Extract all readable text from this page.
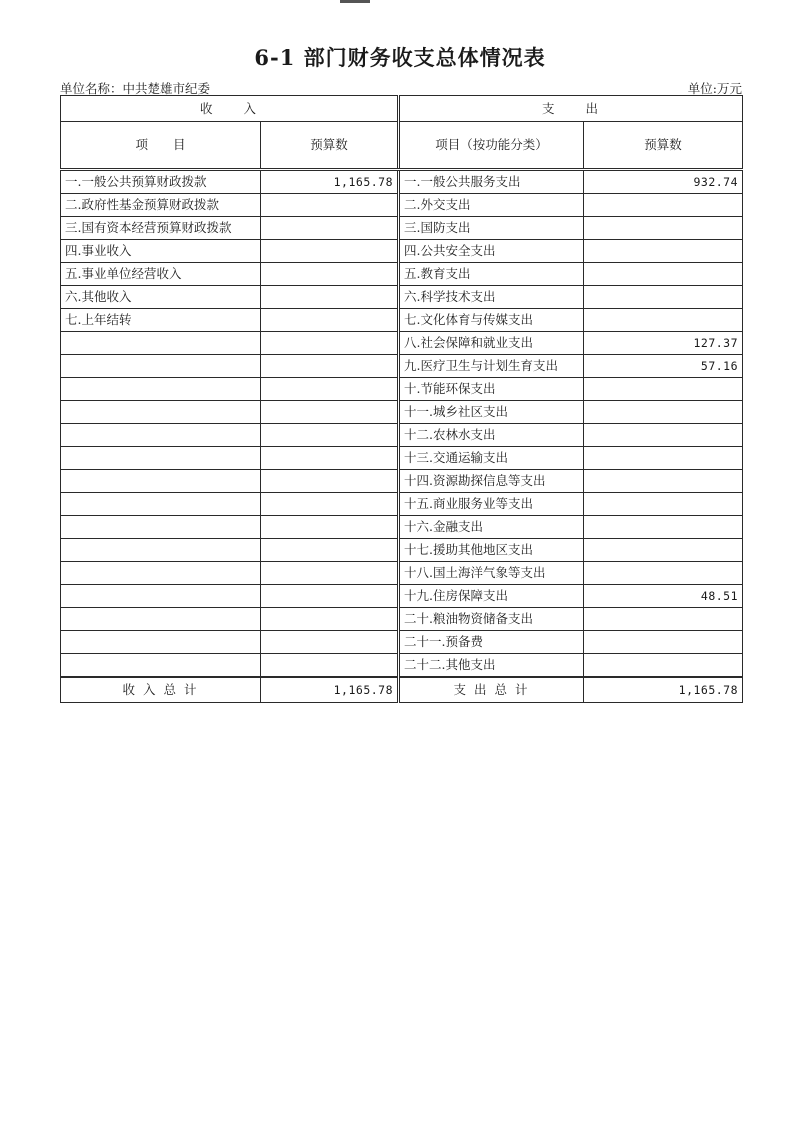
6-1 部门财务收支总体情况表
单位名称：中共楚雄市纪委	单位:万元
收　　入		支　　出	
项　　目	预算数	项目（按功能分类）	预算数
一.一般公共预算财政拨款	1,165.78	一.一般公共服务支出	932.74
二.政府性基金预算财政拨款		二.外交支出	
三.国有资本经营预算财政拨款		三.国防支出	
四.事业收入		四.公共安全支出	
五.事业单位经营收入		五.教育支出	
六.其他收入		六.科学技术支出	
七.上年结转		七.文化体育与传媒支出	
		八.社会保障和就业支出	127.37
		九.医疗卫生与计划生育支出	57.16
		十.节能环保支出	
		十一.城乡社区支出	
		十二.农林水支出	
		十三.交通运输支出	
		十四.资源勘探信息等支出	
		十五.商业服务业等支出	
		十六.金融支出	
		十七.援助其他地区支出	
		十八.国土海洋气象等支出	
		十九.住房保障支出	48.51
		二十.粮油物资储备支出	
		二十一.预备费	
		二十二.其他支出	
收 入 总 计	1,165.78	支 出 总 计	1,165.78
